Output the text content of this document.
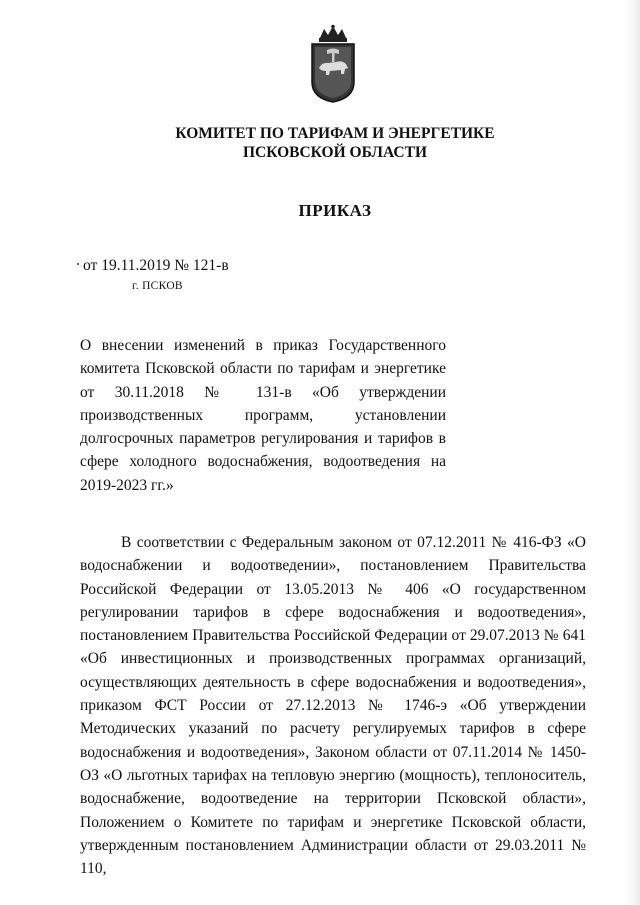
КОМИТЕТ ПО ТАРИФАМ И ЭНЕРГЕТИКЕ
ПСКОВСКОЙ ОБЛАСТИ
ПРИКАЗ
от 19.11.2019 № 121-в
г. ПСКОВ
О внесении изменений в приказ Государственного комитета Псковской области по тарифам и энергетике от 30.11.2018 № 131-в «Об утверждении производственных программ, установлении долгосрочных параметров регулирования и тарифов в сфере холодного водоснабжения, водоотведения на 2019-2023 гг.»
В соответствии с Федеральным законом от 07.12.2011 № 416-ФЗ «О водоснабжении и водоотведении», постановлением Правительства Российской Федерации от 13.05.2013 № 406 «О государственном регулировании тарифов в сфере водоснабжения и водоотведения», постановлением Правительства Российской Федерации от 29.07.2013 № 641 «Об инвестиционных и производственных программах организаций, осуществляющих деятельность в сфере водоснабжения и водоотведения», приказом ФСТ России от 27.12.2013 № 1746-э «Об утверждении Методических указаний по расчету регулируемых тарифов в сфере водоснабжения и водоотведения», Законом области от 07.11.2014 № 1450-ОЗ «О льготных тарифах на тепловую энергию (мощность), теплоноситель, водоснабжение, водоотведение на территории Псковской области», Положением о Комитете по тарифам и энергетике Псковской области, утвержденным постановлением Администрации области от 29.03.2011 № 110,
